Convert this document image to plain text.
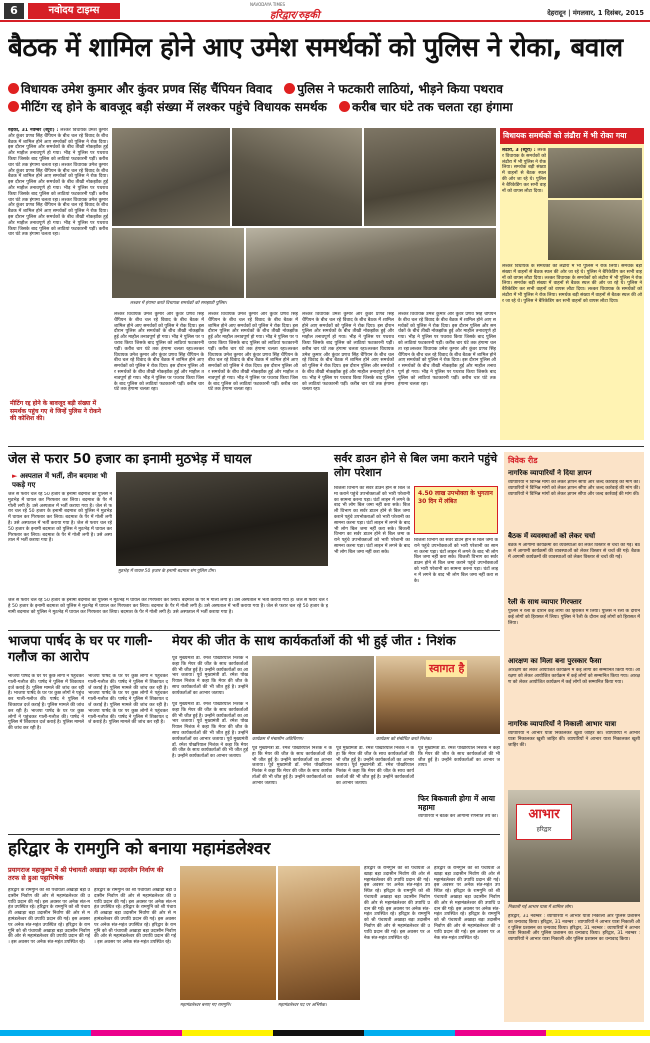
6	नवोदय टाइम्स
NAVODAYA TIMES
हरिद्वार/रुड़की	देहरादून | मंगलवार, 1 दिसंबर, 2015
बैठक में शामिल होने आए उमेश समर्थकों को पुलिस ने रोका, बवाल
विधायक उमेश कुमार और कुंवर प्रणव सिंह चैंपियन विवाद पुलिस ने फटकारी लाठियां, भीड़ने किया पथराव
मीटिंग रद्द होने के बावजूद बड़ी संख्या में लश्कर पहुंचे विधायक समर्थक करीब चार घंटे तक चलता रहा हंगामा
रुड़की, 31 नवम्बर (ब्यूरो) : लश्कर विधायक उमेश कुमार और कुंवर प्रणव सिंह चैंपियन के बीच चल रहे विवाद के बीच बैठक में शामिल होने आए समर्थकों को पुलिस ने रोक दिया। इस दौरान पुलिस और समर्थकों के बीच तीखी नोकझोंक हुई और माहौल तनावपूर्ण हो गया। भीड़ ने पुलिस पर पथराव किया जिसके बाद पुलिस को लाठियां फटकारनी पड़ीं। करीब चार घंटे तक हंगामा चलता रहा। लश्कर विधायक उमेश कुमार और कुंवर प्रणव सिंह चैंपियन के बीच चल रहे विवाद के बीच बैठक में शामिल होने आए समर्थकों को पुलिस ने रोक दिया। इस दौरान पुलिस और समर्थकों के बीच तीखी नोकझोंक हुई और माहौल तनावपूर्ण हो गया। भीड़ ने पुलिस पर पथराव किया जिसके बाद पुलिस को लाठियां फटकारनी पड़ीं। करीब चार घंटे तक हंगामा चलता रहा। लश्कर विधायक उमेश कुमार और कुंवर प्रणव सिंह चैंपियन के बीच चल रहे विवाद के बीच बैठक में शामिल होने आए समर्थकों को पुलिस ने रोक दिया। इस दौरान पुलिस और समर्थकों के बीच तीखी नोकझोंक हुई और माहौल तनावपूर्ण हो गया। भीड़ ने पुलिस पर पथराव किया जिसके बाद पुलिस को लाठियां फटकारनी पड़ीं। करीब चार घंटे तक हंगामा चलता रहा।
मीटिंग रद्द होने के बावजूद बड़ी संख्या में समर्थक पहुंच गए थे जिन्हें पुलिस ने रोकने की कोशिश की।
लश्कर में हंगामा करते विधायक समर्थकों को समझाती पुलिस।
लश्कर विधायक उमेश कुमार और कुंवर प्रणव सिंह चैंपियन के बीच चल रहे विवाद के बीच बैठक में शामिल होने आए समर्थकों को पुलिस ने रोक दिया। इस दौरान पुलिस और समर्थकों के बीच तीखी नोकझोंक हुई और माहौल तनावपूर्ण हो गया। भीड़ ने पुलिस पर पथराव किया जिसके बाद पुलिस को लाठियां फटकारनी पड़ीं। करीब चार घंटे तक हंगामा चलता रहा।लश्कर विधायक उमेश कुमार और कुंवर प्रणव सिंह चैंपियन के बीच चल रहे विवाद के बीच बैठक में शामिल होने आए समर्थकों को पुलिस ने रोक दिया। इस दौरान पुलिस और समर्थकों के बीच तीखी नोकझोंक हुई और माहौल तनावपूर्ण हो गया। भीड़ ने पुलिस पर पथराव किया जिसके बाद पुलिस को लाठियां फटकारनी पड़ीं। करीब चार घंटे तक हंगामा चलता रहा।
लश्कर विधायक उमेश कुमार और कुंवर प्रणव सिंह चैंपियन के बीच चल रहे विवाद के बीच बैठक में शामिल होने आए समर्थकों को पुलिस ने रोक दिया। इस दौरान पुलिस और समर्थकों के बीच तीखी नोकझोंक हुई और माहौल तनावपूर्ण हो गया। भीड़ ने पुलिस पर पथराव किया जिसके बाद पुलिस को लाठियां फटकारनी पड़ीं। करीब चार घंटे तक हंगामा चलता रहा।लश्कर विधायक उमेश कुमार और कुंवर प्रणव सिंह चैंपियन के बीच चल रहे विवाद के बीच बैठक में शामिल होने आए समर्थकों को पुलिस ने रोक दिया। इस दौरान पुलिस और समर्थकों के बीच तीखी नोकझोंक हुई और माहौल तनावपूर्ण हो गया। भीड़ ने पुलिस पर पथराव किया जिसके बाद पुलिस को लाठियां फटकारनी पड़ीं। करीब चार घंटे तक हंगामा चलता रहा।
लश्कर विधायक उमेश कुमार और कुंवर प्रणव सिंह चैंपियन के बीच चल रहे विवाद के बीच बैठक में शामिल होने आए समर्थकों को पुलिस ने रोक दिया। इस दौरान पुलिस और समर्थकों के बीच तीखी नोकझोंक हुई और माहौल तनावपूर्ण हो गया। भीड़ ने पुलिस पर पथराव किया जिसके बाद पुलिस को लाठियां फटकारनी पड़ीं। करीब चार घंटे तक हंगामा चलता रहा।लश्कर विधायक उमेश कुमार और कुंवर प्रणव सिंह चैंपियन के बीच चल रहे विवाद के बीच बैठक में शामिल होने आए समर्थकों को पुलिस ने रोक दिया। इस दौरान पुलिस और समर्थकों के बीच तीखी नोकझोंक हुई और माहौल तनावपूर्ण हो गया। भीड़ ने पुलिस पर पथराव किया जिसके बाद पुलिस को लाठियां फटकारनी पड़ीं। करीब चार घंटे तक हंगामा चलता रहा।
लश्कर विधायक उमेश कुमार और कुंवर प्रणव सिंह चैंपियन के बीच चल रहे विवाद के बीच बैठक में शामिल होने आए समर्थकों को पुलिस ने रोक दिया। इस दौरान पुलिस और समर्थकों के बीच तीखी नोकझोंक हुई और माहौल तनावपूर्ण हो गया। भीड़ ने पुलिस पर पथराव किया जिसके बाद पुलिस को लाठियां फटकारनी पड़ीं। करीब चार घंटे तक हंगामा चलता रहा।लश्कर विधायक उमेश कुमार और कुंवर प्रणव सिंह चैंपियन के बीच चल रहे विवाद के बीच बैठक में शामिल होने आए समर्थकों को पुलिस ने रोक दिया। इस दौरान पुलिस और समर्थकों के बीच तीखी नोकझोंक हुई और माहौल तनावपूर्ण हो गया। भीड़ ने पुलिस पर पथराव किया जिसके बाद पुलिस को लाठियां फटकारनी पड़ीं। करीब चार घंटे तक हंगामा चलता रहा।
विधायक समर्थकों को लंढौरा में भी रोका गया
लंढौरा, 3 (ब्यूरो) : लश्कर विधायक के समर्थकों को लंढौरा में भी पुलिस ने रोक लिया। समर्थक बड़ी संख्या में वाहनों से बैठक स्थल की ओर जा रहे थे। पुलिस ने बैरिकेडिंग कर सभी वाहनों को वापस लौटा दिया।
लश्कर विधायक के समर्थकों को लंढौरा में भी पुलिस ने रोक लिया। समर्थक बड़ी संख्या में वाहनों से बैठक स्थल की ओर जा रहे थे। पुलिस ने बैरिकेडिंग कर सभी वाहनों को वापस लौटा दिया। लश्कर विधायक के समर्थकों को लंढौरा में भी पुलिस ने रोक लिया। समर्थक बड़ी संख्या में वाहनों से बैठक स्थल की ओर जा रहे थे। पुलिस ने बैरिकेडिंग कर सभी वाहनों को वापस लौटा दिया। लश्कर विधायक के समर्थकों को लंढौरा में भी पुलिस ने रोक लिया। समर्थक बड़ी संख्या में वाहनों से बैठक स्थल की ओर जा रहे थे। पुलिस ने बैरिकेडिंग कर सभी वाहनों को वापस लौटा दिया।
जेल से फरार 50 हजार का इनामी मुठभेड़ में घायल
► अस्पताल में भर्ती, तीन बदमाश भी पकड़े गए
जेल से फरार चल रहे 50 हजार के इनामी बदमाश को पुलिस ने मुठभेड़ में घायल कर गिरफ्तार कर लिया। बदमाश के पैर में गोली लगी है। उसे अस्पताल में भर्ती कराया गया है। जेल से फरार चल रहे 50 हजार के इनामी बदमाश को पुलिस ने मुठभेड़ में घायल कर गिरफ्तार कर लिया। बदमाश के पैर में गोली लगी है। उसे अस्पताल में भर्ती कराया गया है। जेल से फरार चल रहे 50 हजार के इनामी बदमाश को पुलिस ने मुठभेड़ में घायल कर गिरफ्तार कर लिया। बदमाश के पैर में गोली लगी है। उसे अस्पताल में भर्ती कराया गया है।
मुठभेड़ में घायल 50 हजार के इनामी बदमाश संग पुलिस टीम।
जेल से फरार चल रहे 50 हजार के इनामी बदमाश को पुलिस ने मुठभेड़ में घायल कर गिरफ्तार कर लिया। बदमाश के पैर में गोली लगी है। उसे अस्पताल में भर्ती कराया गया है। जेल से फरार चल रहे 50 हजार के इनामी बदमाश को पुलिस ने मुठभेड़ में घायल कर गिरफ्तार कर लिया। बदमाश के पैर में गोली लगी है। उसे अस्पताल में भर्ती कराया गया है। जेल से फरार चल रहे 50 हजार के इनामी बदमाश को पुलिस ने मुठभेड़ में घायल कर गिरफ्तार कर लिया। बदमाश के पैर में गोली लगी है। उसे अस्पताल में भर्ती कराया गया है।
सर्वर डाउन होने से बिल जमा कराने पहुंचे लोग परेशान
बिजली विभाग का सर्वर डाउन होने से बिल जमा कराने पहुंचे उपभोक्ताओं को भारी परेशानी का सामना करना पड़ा। घंटों लाइन में लगने के बाद भी लोग बिल जमा नहीं करा सके। बिजली विभाग का सर्वर डाउन होने से बिल जमा कराने पहुंचे उपभोक्ताओं को भारी परेशानी का सामना करना पड़ा। घंटों लाइन में लगने के बाद भी लोग बिल जमा नहीं करा सके। बिजली विभाग का सर्वर डाउन होने से बिल जमा कराने पहुंचे उपभोक्ताओं को भारी परेशानी का सामना करना पड़ा। घंटों लाइन में लगने के बाद भी लोग बिल जमा नहीं करा सके।
4.50 लाख उपभोक्ता के भुगतान 30 दिन में लंबित
बिजली विभाग का सर्वर डाउन होने से बिल जमा कराने पहुंचे उपभोक्ताओं को भारी परेशानी का सामना करना पड़ा। घंटों लाइन में लगने के बाद भी लोग बिल जमा नहीं करा सके। बिजली विभाग का सर्वर डाउन होने से बिल जमा कराने पहुंचे उपभोक्ताओं को भारी परेशानी का सामना करना पड़ा। घंटों लाइन में लगने के बाद भी लोग बिल जमा नहीं करा सके।
विवेक रीड
नागरिक व्यापारियों ने दिया ज्ञापन
व्यापारियों ने विभिन्न मांगों को लेकर ज्ञापन सौंपा और जल्द कार्रवाई की मांग की। व्यापारियों ने विभिन्न मांगों को लेकर ज्ञापन सौंपा और जल्द कार्रवाई की मांग की। व्यापारियों ने विभिन्न मांगों को लेकर ज्ञापन सौंपा और जल्द कार्रवाई की मांग की।
बैठक में व्यवस्थाओं को लेकर चर्चा
बैठक में आगामी कार्यक्रमों की व्यवस्थाओं को लेकर विस्तार से चर्चा की गई। बैठक में आगामी कार्यक्रमों की व्यवस्थाओं को लेकर विस्तार से चर्चा की गई। बैठक में आगामी कार्यक्रमों की व्यवस्थाओं को लेकर विस्तार से चर्चा की गई।
रैली के साथ व्यापार गिरफ्तार
पुलिस ने रैली के दौरान कई लोगों को हिरासत में लिया। पुलिस ने रैली के दौरान कई लोगों को हिरासत में लिया। पुलिस ने रैली के दौरान कई लोगों को हिरासत में लिया।
आरक्षण का मिला बना पुरस्कार फैसा
आरक्षण को लेकर आयोजित कार्यक्रम में कई लोगों को सम्मानित किया गया। आरक्षण को लेकर आयोजित कार्यक्रम में कई लोगों को सम्मानित किया गया। आरक्षण को लेकर आयोजित कार्यक्रम में कई लोगों को सम्मानित किया गया।
नागरिक व्यापारियों ने निकाली आभार यात्रा
व्यापारियों ने आभार यात्रा निकालकर खुशी जाहिर की। व्यापारियों ने आभार यात्रा निकालकर खुशी जाहिर की। व्यापारियों ने आभार यात्रा निकालकर खुशी जाहिर की।
आभार
हरिद्वार
निकाली गई आभार यात्रा में शामिल लोग।
हरिद्वार, 31 नवम्बर : व्यापारियों ने आभार यात्रा निकाली और पुलिस प्रशासन का धन्यवाद किया। हरिद्वार, 31 नवम्बर : व्यापारियों ने आभार यात्रा निकाली और पुलिस प्रशासन का धन्यवाद किया। हरिद्वार, 31 नवम्बर : व्यापारियों ने आभार यात्रा निकाली और पुलिस प्रशासन का धन्यवाद किया। हरिद्वार, 31 नवम्बर : व्यापारियों ने आभार यात्रा निकाली और पुलिस प्रशासन का धन्यवाद किया।
भाजपा पार्षद के घर पर गाली-गलौज का आरोप
भाजपा पार्षद के घर पर कुछ लोगों ने पहुंचकर गाली-गलौज की। पार्षद ने पुलिस में शिकायत दर्ज कराई है। पुलिस मामले की जांच कर रही है। भाजपा पार्षद के घर पर कुछ लोगों ने पहुंचकर गाली-गलौज की। पार्षद ने पुलिस में शिकायत दर्ज कराई है। पुलिस मामले की जांच कर रही है। भाजपा पार्षद के घर पर कुछ लोगों ने पहुंचकर गाली-गलौज की। पार्षद ने पुलिस में शिकायत दर्ज कराई है। पुलिस मामले की जांच कर रही है।
भाजपा पार्षद के घर पर कुछ लोगों ने पहुंचकर गाली-गलौज की। पार्षद ने पुलिस में शिकायत दर्ज कराई है। पुलिस मामले की जांच कर रही है। भाजपा पार्षद के घर पर कुछ लोगों ने पहुंचकर गाली-गलौज की। पार्षद ने पुलिस में शिकायत दर्ज कराई है। पुलिस मामले की जांच कर रही है। भाजपा पार्षद के घर पर कुछ लोगों ने पहुंचकर गाली-गलौज की। पार्षद ने पुलिस में शिकायत दर्ज कराई है। पुलिस मामले की जांच कर रही है।
मेयर की जीत के साथ कार्यकर्ताओं की भी हुई जीत : निशंक
पूर्व मुख्यमंत्री डॉ. रमेश पोखरियाल निशंक ने कहा कि मेयर की जीत के साथ कार्यकर्ताओं की भी जीत हुई है। उन्होंने कार्यकर्ताओं का आभार जताया। पूर्व मुख्यमंत्री डॉ. रमेश पोखरियाल निशंक ने कहा कि मेयर की जीत के साथ कार्यकर्ताओं की भी जीत हुई है। उन्होंने कार्यकर्ताओं का आभार जताया।
स्वागत है
कार्यक्रम में मंचासीन अतिथिगण।	कार्यक्रम को संबोधित करते निशंक।
पूर्व मुख्यमंत्री डॉ. रमेश पोखरियाल निशंक ने कहा कि मेयर की जीत के साथ कार्यकर्ताओं की भी जीत हुई है। उन्होंने कार्यकर्ताओं का आभार जताया। पूर्व मुख्यमंत्री डॉ. रमेश पोखरियाल निशंक ने कहा कि मेयर की जीत के साथ कार्यकर्ताओं की भी जीत हुई है। उन्होंने कार्यकर्ताओं का आभार जताया। पूर्व मुख्यमंत्री डॉ. रमेश पोखरियाल निशंक ने कहा कि मेयर की जीत के साथ कार्यकर्ताओं की भी जीत हुई है। उन्होंने कार्यकर्ताओं का आभार जताया।
पूर्व मुख्यमंत्री डॉ. रमेश पोखरियाल निशंक ने कहा कि मेयर की जीत के साथ कार्यकर्ताओं की भी जीत हुई है। उन्होंने कार्यकर्ताओं का आभार जताया। पूर्व मुख्यमंत्री डॉ. रमेश पोखरियाल निशंक ने कहा कि मेयर की जीत के साथ कार्यकर्ताओं की भी जीत हुई है। उन्होंने कार्यकर्ताओं का आभार जताया।
पूर्व मुख्यमंत्री डॉ. रमेश पोखरियाल निशंक ने कहा कि मेयर की जीत के साथ कार्यकर्ताओं की भी जीत हुई है। उन्होंने कार्यकर्ताओं का आभार जताया। पूर्व मुख्यमंत्री डॉ. रमेश पोखरियाल निशंक ने कहा कि मेयर की जीत के साथ कार्यकर्ताओं की भी जीत हुई है। उन्होंने कार्यकर्ताओं का आभार जताया।
पूर्व मुख्यमंत्री डॉ. रमेश पोखरियाल निशंक ने कहा कि मेयर की जीत के साथ कार्यकर्ताओं की भी जीत हुई है। उन्होंने कार्यकर्ताओं का आभार जताया।
फिर बिकवाली होगा में आया महामा
व्यापारियों ने बैठक कर आगामी रणनीति तय की।
हरिद्वार के रामगुनि को बनाया महामंडलेश्वर
प्रयागराज महाकुम्भ में श्री पंचायती अखाड़ा बड़ा उदासीन निर्वाण की तरफ से हुआ पट्टाभिषेक
हरिद्वार के रामगुनि को श्री पंचायती अखाड़ा बड़ा उदासीन निर्वाण की ओर से महामंडलेश्वर की उपाधि प्रदान की गई। इस अवसर पर अनेक संत-महंत उपस्थित रहे। हरिद्वार के रामगुनि को श्री पंचायती अखाड़ा बड़ा उदासीन निर्वाण की ओर से महामंडलेश्वर की उपाधि प्रदान की गई। इस अवसर पर अनेक संत-महंत उपस्थित रहे। हरिद्वार के रामगुनि को श्री पंचायती अखाड़ा बड़ा उदासीन निर्वाण की ओर से महामंडलेश्वर की उपाधि प्रदान की गई। इस अवसर पर अनेक संत-महंत उपस्थित रहे।
हरिद्वार के रामगुनि को श्री पंचायती अखाड़ा बड़ा उदासीन निर्वाण की ओर से महामंडलेश्वर की उपाधि प्रदान की गई। इस अवसर पर अनेक संत-महंत उपस्थित रहे। हरिद्वार के रामगुनि को श्री पंचायती अखाड़ा बड़ा उदासीन निर्वाण की ओर से महामंडलेश्वर की उपाधि प्रदान की गई। इस अवसर पर अनेक संत-महंत उपस्थित रहे। हरिद्वार के रामगुनि को श्री पंचायती अखाड़ा बड़ा उदासीन निर्वाण की ओर से महामंडलेश्वर की उपाधि प्रदान की गई। इस अवसर पर अनेक संत-महंत उपस्थित रहे।
महामंडलेश्वर बनाए गए रामगुनि।	महामंडलेश्वर पद पर अभिषेक।
हरिद्वार के रामगुनि को श्री पंचायती अखाड़ा बड़ा उदासीन निर्वाण की ओर से महामंडलेश्वर की उपाधि प्रदान की गई। इस अवसर पर अनेक संत-महंत उपस्थित रहे। हरिद्वार के रामगुनि को श्री पंचायती अखाड़ा बड़ा उदासीन निर्वाण की ओर से महामंडलेश्वर की उपाधि प्रदान की गई। इस अवसर पर अनेक संत-महंत उपस्थित रहे। हरिद्वार के रामगुनि को श्री पंचायती अखाड़ा बड़ा उदासीन निर्वाण की ओर से महामंडलेश्वर की उपाधि प्रदान की गई। इस अवसर पर अनेक संत-महंत उपस्थित रहे।
हरिद्वार के रामगुनि को श्री पंचायती अखाड़ा बड़ा उदासीन निर्वाण की ओर से महामंडलेश्वर की उपाधि प्रदान की गई। इस अवसर पर अनेक संत-महंत उपस्थित रहे। हरिद्वार के रामगुनि को श्री पंचायती अखाड़ा बड़ा उदासीन निर्वाण की ओर से महामंडलेश्वर की उपाधि प्रदान की गई। इस अवसर पर अनेक संत-महंत उपस्थित रहे। हरिद्वार के रामगुनि को श्री पंचायती अखाड़ा बड़ा उदासीन निर्वाण की ओर से महामंडलेश्वर की उपाधि प्रदान की गई। इस अवसर पर अनेक संत-महंत उपस्थित रहे।
